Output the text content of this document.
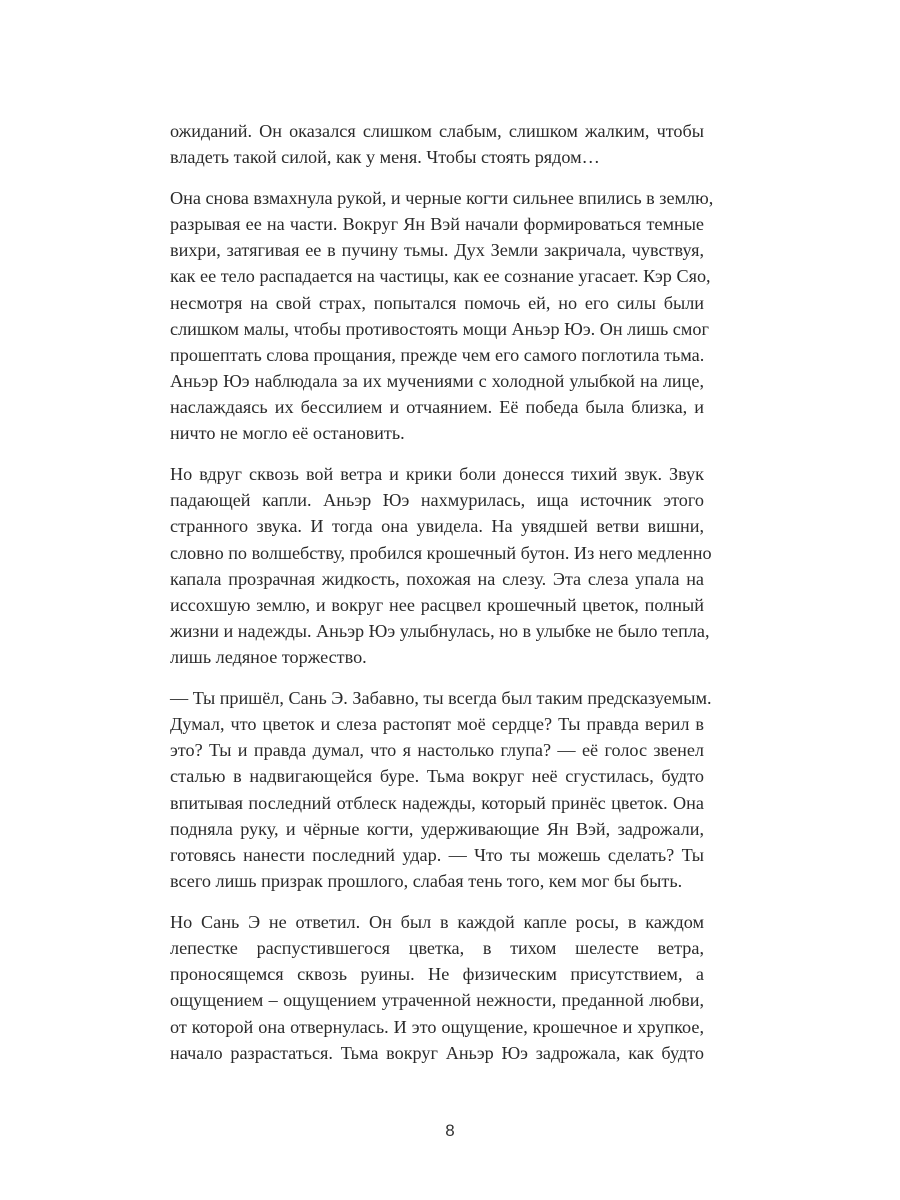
ожиданий. Он оказался слишком слабым, слишком жалким, чтобы
владеть такой силой, как у меня. Чтобы стоять рядом…
Она снова взмахнула рукой, и черные когти сильнее впились в землю,
разрывая ее на части. Вокруг Ян Вэй начали формироваться темные
вихри, затягивая ее в пучину тьмы. Дух Земли закричала, чувствуя,
как ее тело распадается на частицы, как ее сознание угасает. Кэр Сяо,
несмотря на свой страх, попытался помочь ей, но его силы были
слишком малы, чтобы противостоять мощи Аньэр Юэ. Он лишь смог
прошептать слова прощания, прежде чем его самого поглотила тьма.
Аньэр Юэ наблюдала за их мучениями с холодной улыбкой на лице,
наслаждаясь их бессилием и отчаянием. Её победа была близка, и
ничто не могло её остановить.
Но вдруг сквозь вой ветра и крики боли донесся тихий звук. Звук
падающей капли. Аньэр Юэ нахмурилась, ища источник этого
странного звука. И тогда она увидела. На увядшей ветви вишни,
словно по волшебству, пробился крошечный бутон. Из него медленно
капала прозрачная жидкость, похожая на слезу. Эта слеза упала на
иссохшую землю, и вокруг нее расцвел крошечный цветок, полный
жизни и надежды. Аньэр Юэ улыбнулась, но в улыбке не было тепла,
лишь ледяное торжество.
— Ты пришёл, Сань Э. Забавно, ты всегда был таким предсказуемым.
Думал, что цветок и слеза растопят моё сердце? Ты правда верил в
это? Ты и правда думал, что я настолько глупа? — её голос звенел
сталью в надвигающейся буре. Тьма вокруг неё сгустилась, будто
впитывая последний отблеск надежды, который принёс цветок. Она
подняла руку, и чёрные когти, удерживающие Ян Вэй, задрожали,
готовясь нанести последний удар. — Что ты можешь сделать? Ты
всего лишь призрак прошлого, слабая тень того, кем мог бы быть.
Но Сань Э не ответил. Он был в каждой капле росы, в каждом
лепестке распустившегося цветка, в тихом шелесте ветра,
проносящемся сквозь руины. Не физическим присутствием, а
ощущением – ощущением утраченной нежности, преданной любви,
от которой она отвернулась. И это ощущение, крошечное и хрупкое,
начало разрастаться. Тьма вокруг Аньэр Юэ задрожала, как будто
8
